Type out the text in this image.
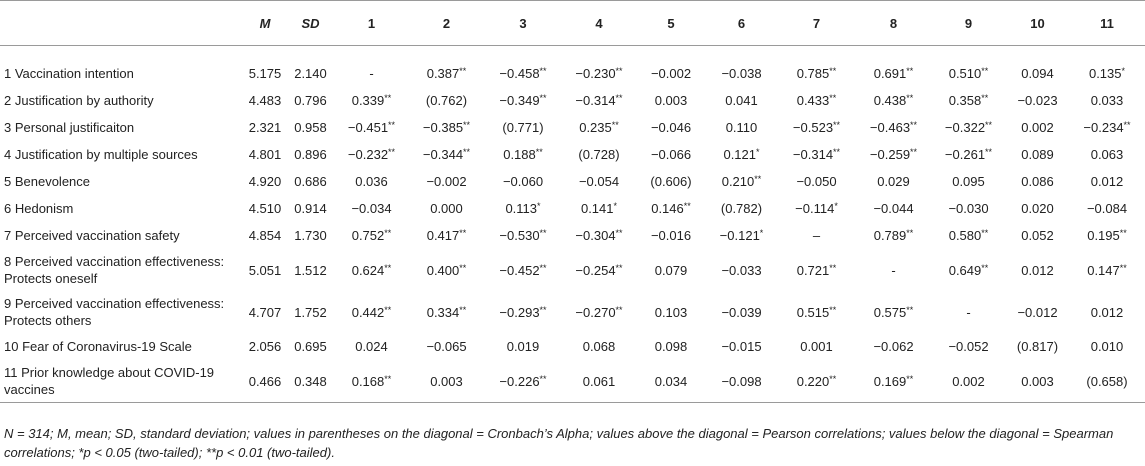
	M	SD	1	2	3	4	5	6	7	8	9	10	11
1 Vaccination intention	5.175	2.140	-	0.387**	−0.458**	−0.230**	−0.002	−0.038	0.785**	0.691**	0.510**	0.094	0.135*
2 Justification by authority	4.483	0.796	0.339**	(0.762)	−0.349**	−0.314**	0.003	0.041	0.433**	0.438**	0.358**	−0.023	0.033
3 Personal justificaiton	2.321	0.958	−0.451**	−0.385**	(0.771)	0.235**	−0.046	0.110	−0.523**	−0.463**	−0.322**	0.002	−0.234**
4 Justification by multiple sources	4.801	0.896	−0.232**	−0.344**	0.188**	(0.728)	−0.066	0.121*	−0.314**	−0.259**	−0.261**	0.089	0.063
5 Benevolence	4.920	0.686	0.036	−0.002	−0.060	−0.054	(0.606)	0.210**	−0.050	0.029	0.095	0.086	0.012
6 Hedonism	4.510	0.914	−0.034	0.000	0.113*	0.141*	0.146**	(0.782)	−0.114*	−0.044	−0.030	0.020	−0.084
7 Perceived vaccination safety	4.854	1.730	0.752**	0.417**	−0.530**	−0.304**	−0.016	−0.121*	–	0.789**	0.580**	0.052	0.195**
8 Perceived vaccination effectiveness: Protects oneself	5.051	1.512	0.624**	0.400**	−0.452**	−0.254**	0.079	−0.033	0.721**	-	0.649**	0.012	0.147**
9 Perceived vaccination effectiveness: Protects others	4.707	1.752	0.442**	0.334**	−0.293**	−0.270**	0.103	−0.039	0.515**	0.575**	-	−0.012	0.012
10 Fear of Coronavirus-19 Scale	2.056	0.695	0.024	−0.065	0.019	0.068	0.098	−0.015	0.001	−0.062	−0.052	(0.817)	0.010
11 Prior knowledge about COVID-19 vaccines	0.466	0.348	0.168**	0.003	−0.226**	0.061	0.034	−0.098	0.220**	0.169**	0.002	0.003	(0.658)
N = 314; M, mean; SD, standard deviation; values in parentheses on the diagonal = Cronbach’s Alpha; values above the diagonal = Pearson correlations; values below the diagonal = Spearman correlations; *p < 0.05 (two-tailed); **p < 0.01 (two-tailed).
